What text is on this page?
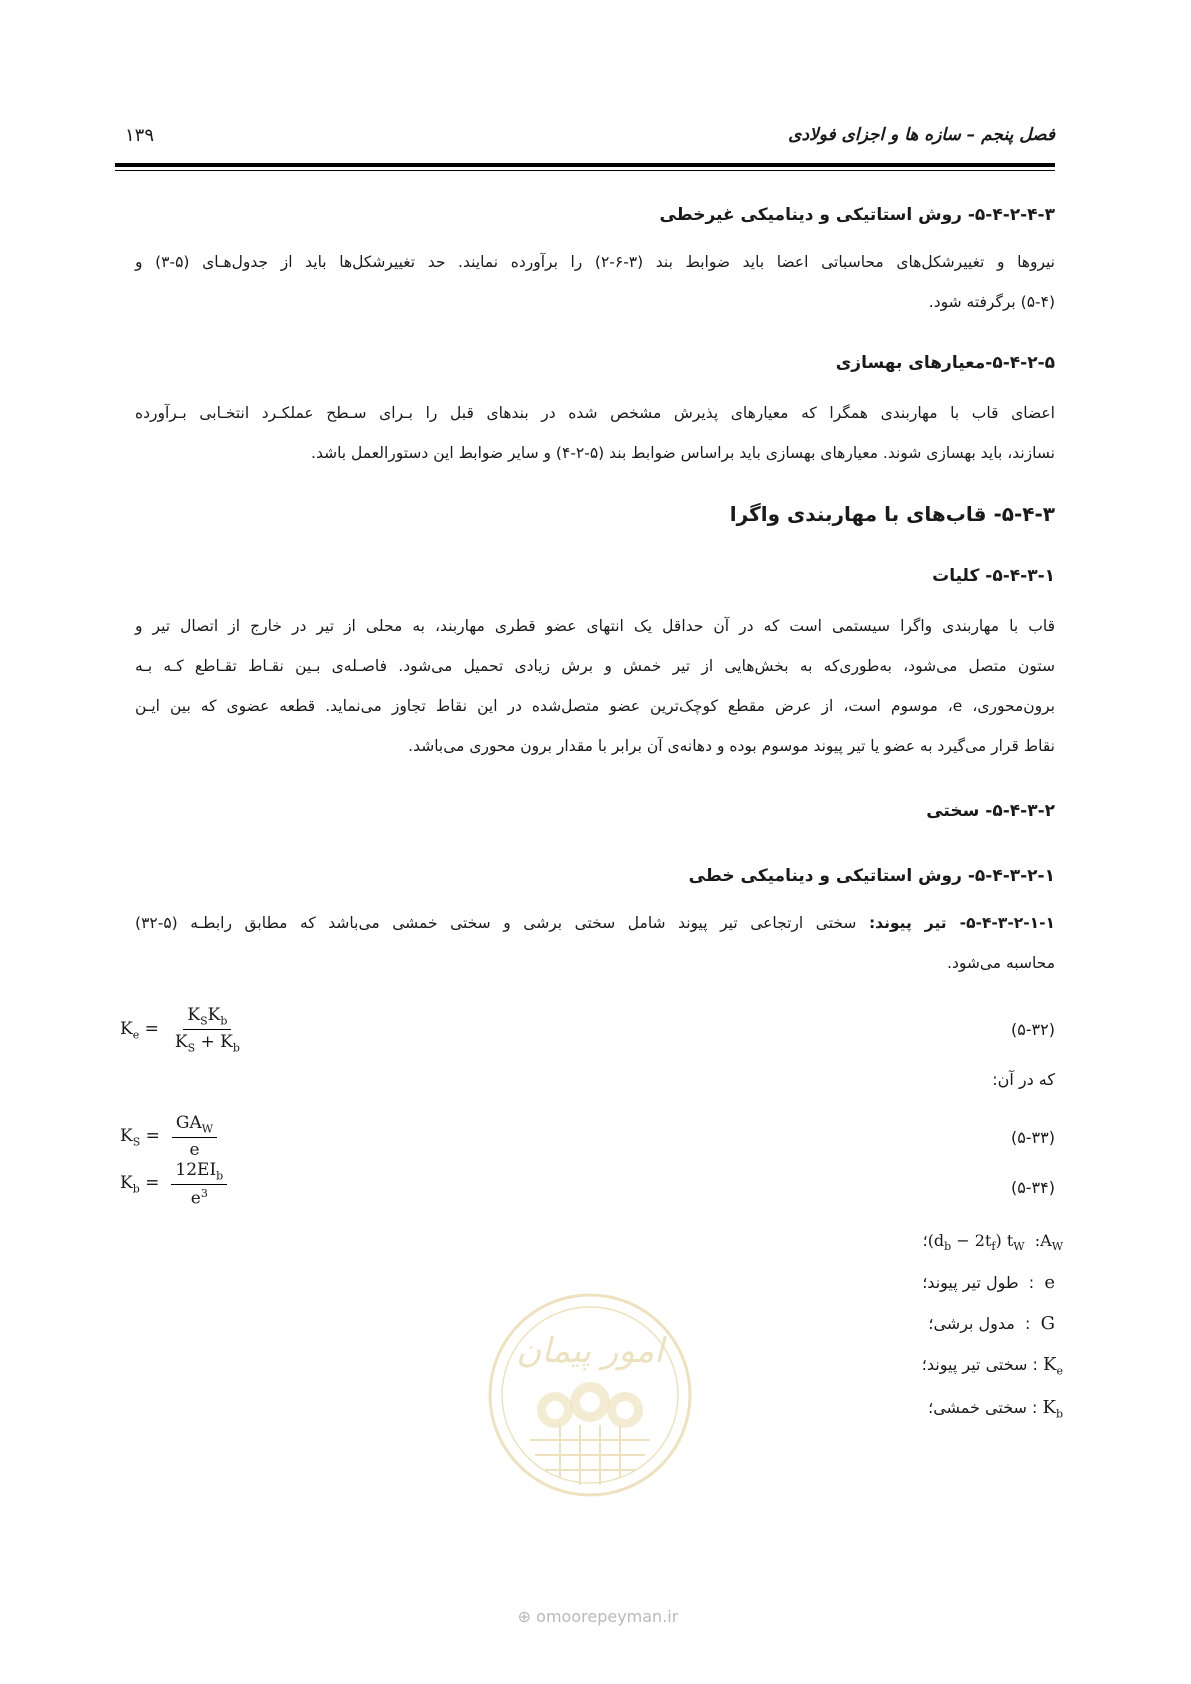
فصل پنجم – سازه ها و اجزای فولادی
۱۳۹
۵-۴-۲-۴-۳- روش استاتیکی و دینامیکی غیرخطی
نیروها و تغییرشکل‌های محاسباتی اعضا باید ضوابط بند (۳-۶-۲) را برآورده نمایند. حد تغییرشکل‌ها باید از جدول‌هـای (۵-۳) و
(۵-۴) برگرفته شود.
۵-۴-۲-۵-معیارهای بهسازی
اعضای قاب با مهاربندی همگرا که معیارهای پذیرش مشخص شده در بندهای قبل را بـرای سـطح عملکـرد انتخـابی بـرآورده
نسازند، باید بهسازی شوند. معیارهای بهسازی باید براساس ضوابط بند (۵-۲-۴) و سایر ضوابط این دستورالعمل باشد.
۵-۴-۳- قاب‌های با مهاربندی واگرا
۵-۴-۳-۱- کلیات
قاب با مهاربندی واگرا سیستمی است که در آن حداقل یک انتهای عضو قطری مهاربند، به محلی از تیر در خارج از اتصال تیر و
ستون متصل می‌شود، به‌طوری‌که به بخش‌هایی از تیر خمش و برش زیادی تحمیل می‌شود. فاصـله‌ی بـین نقـاط تقـاطع کـه بـه
برون‌محوری، e، موسوم است، از عرض مقطع کوچک‌ترین عضو متصل‌شده در این نقاط تجاوز می‌نماید. قطعه عضوی که بین ایـن
نقاط قرار می‌گیرد به عضو یا تیر پیوند موسوم بوده و دهانه‌ی آن برابر با مقدار برون محوری می‌باشد.
۵-۴-۳-۲- سختی
۵-۴-۳-۲-۱- روش استاتیکی و دینامیکی خطی
۵-۴-۳-۲-۱-۱- تیر پیوند: سختی ارتجاعی تیر پیوند شامل سختی برشی و سختی خمشی می‌باشد که مطابق رابطـه (۵-۳۲)
محاسبه می‌شود.
$K_e = \frac{K_SK_b}{K_S + K_b}$	(۵-۳۲)
که در آن:
$K_S = \frac{GA_W}{e}$	(۵-۳۳)
$K_b = \frac{12EI_b}{e^3}$	(۵-۳۴)
$؛(d_b - 2t_f)$ $t_W$  $:A_W$
e  :  طول تیر پیوند؛
G  :  مدول برشی؛
$K_e$ : سختی تیر پیوند؛
$K_b$ : سختی خمشی؛
امور پیمان
⊕ omoorepeyman.ir
